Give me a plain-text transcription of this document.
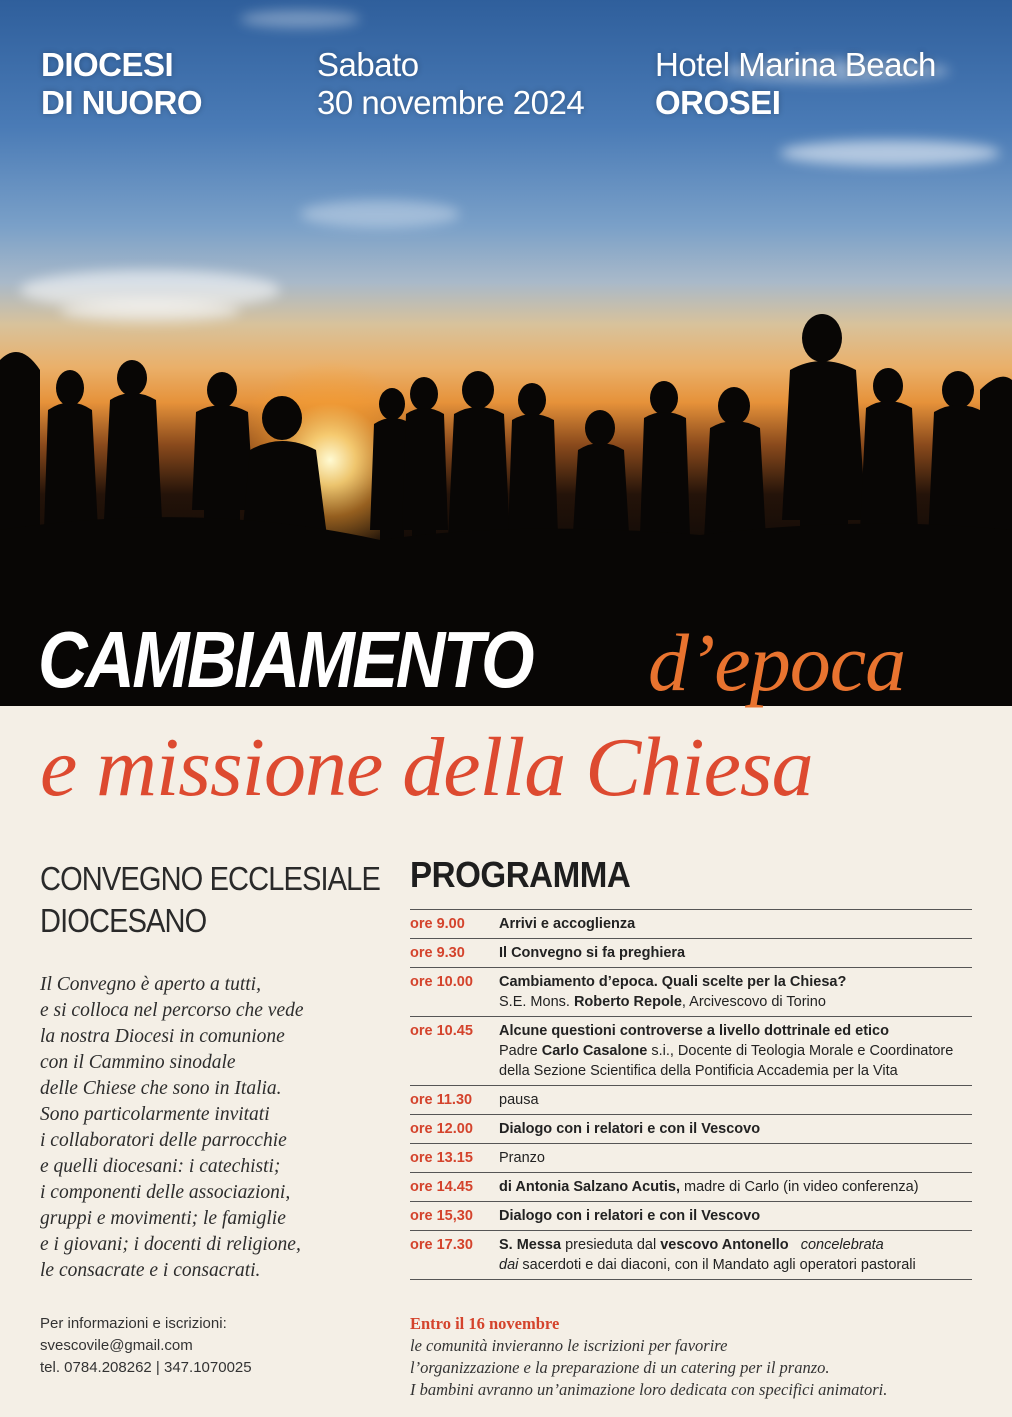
DIOCESI
DI NUORO
Sabato
30 novembre 2024
Hotel Marina Beach
OROSEI
CAMBIAMENTO d’epoca
e missione della Chiesa
CONVEGNO ECCLESIALE
DIOCESANO
Il Convegno è aperto a tutti,
e si colloca nel percorso che vede
la nostra Diocesi in comunione
con il Cammino sinodale
delle Chiese che sono in Italia.
Sono particolarmente invitati
i collaboratori delle parrocchie
e quelli diocesani: i catechisti;
i componenti delle associazioni,
gruppi e movimenti; le famiglie
e i giovani; i docenti di religione,
le consacrate e i consacrati.
Per informazioni e iscrizioni:
svescovile@gmail.com
tel. 0784.208262 | 347.1070025
PROGRAMMA
ore 9.00	Arrivi e accoglienza
ore 9.30	Il Convegno si fa preghiera
ore 10.00	Cambiamento d’epoca. Quali scelte per la Chiesa?
S.E. Mons. Roberto Repole, Arcivescovo di Torino
ore 10.45	Alcune questioni controverse a livello dottrinale ed etico
Padre Carlo Casalone s.i., Docente di Teologia Morale e Coordinatore
della Sezione Scientifica della Pontificia Accademia per la Vita
ore 11.30	pausa
ore 12.00	Dialogo con i relatori e con il Vescovo
ore 13.15	Pranzo
ore 14.45	di Antonia Salzano Acutis, madre di Carlo (in video conferenza)
ore 15,30	Dialogo con i relatori e con il Vescovo
ore 17.30	S. Messa presieduta dal vescovo Antonello   concelebrata
dai sacerdoti e dai diaconi, con il Mandato agli operatori pastorali
Entro il 16 novembre
le comunità invieranno le iscrizioni per favorire
l’organizzazione e la preparazione di un catering per il pranzo.
I bambini avranno un’animazione loro dedicata con specifici animatori.
